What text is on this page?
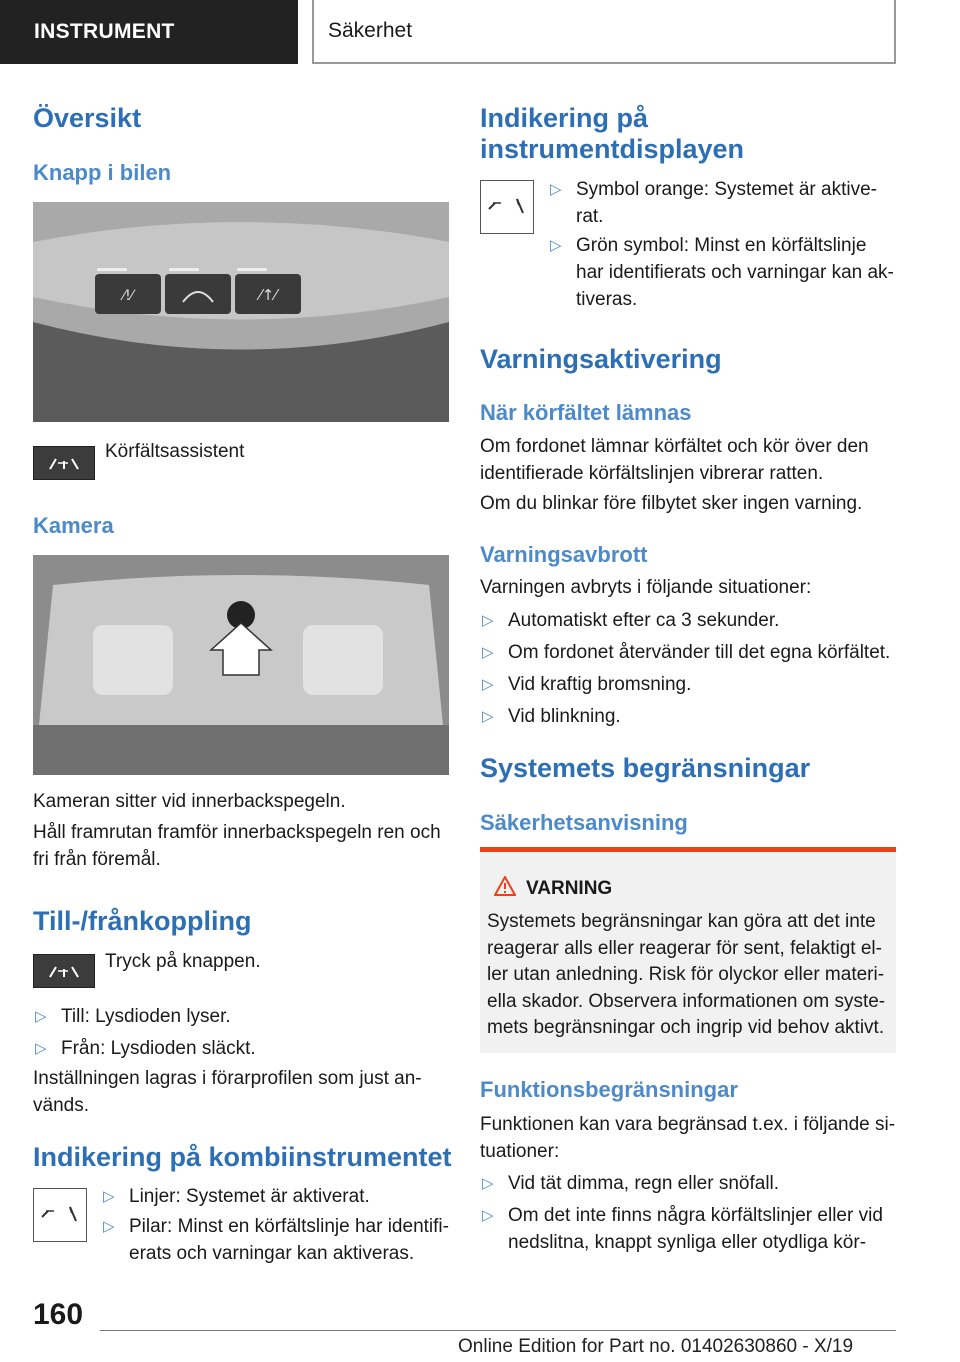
INSTRUMENT	Säkerhet
Översikt
Knapp i bilen
⁄!⁄	⁄↑⁄

Körfältsassistent

Kamera

Kameran sitter vid innerbackspegeln.

Håll framrutan framför innerbackspegeln ren och fri från föremål.

Till-/frånkoppling

Tryck på knappen.

▷ Till: Lysdioden lyser.
▷ Från: Lysdioden släckt.

Inställningen lagras i förarprofilen som just an- vänds.

Indikering på kombiinstrumentet
▷ Linjer: Systemet är aktiverat.
▷ Pilar: Minst en körfältslinje har identifi- erats och varningar kan aktiveras.
Indikering på instrumentdisplayen
▷ Symbol orange: Systemet är aktive- rat.
▷ Grön symbol: Minst en körfältslinje har identifierats och varningar kan ak- tiveras.
Varningsaktivering
När körfältet lämnas

Om fordonet lämnar körfältet och kör över den identifierade körfältslinjen vibrerar ratten.

Om du blinkar före filbytet sker ingen varning.

Varningsavbrott

Varningen avbryts i följande situationer:

▷ Automatiskt efter ca 3 sekunder.
▷ Om fordonet återvänder till det egna körfältet.
▷ Vid kraftig bromsning.
▷ Vid blinkning.
Systemets begränsningar
Säkerhetsanvisning
VARNING

Systemets begränsningar kan göra att det inte reagerar alls eller reagerar för sent, felaktigt el- ler utan anledning. Risk för olyckor eller materi- ella skador. Observera informationen om syste- mets begränsningar och ingrip vid behov aktivt.

Funktionsbegränsningar

Funktionen kan vara begränsad t.ex. i följande si- tuationer:

▷ Vid tät dimma, regn eller snöfall.
▷ Om det inte finns några körfältslinjer eller vid nedslitna, knappt synliga eller otydliga kör-
160
Online Edition for Part no. 01402630860 - X/19
